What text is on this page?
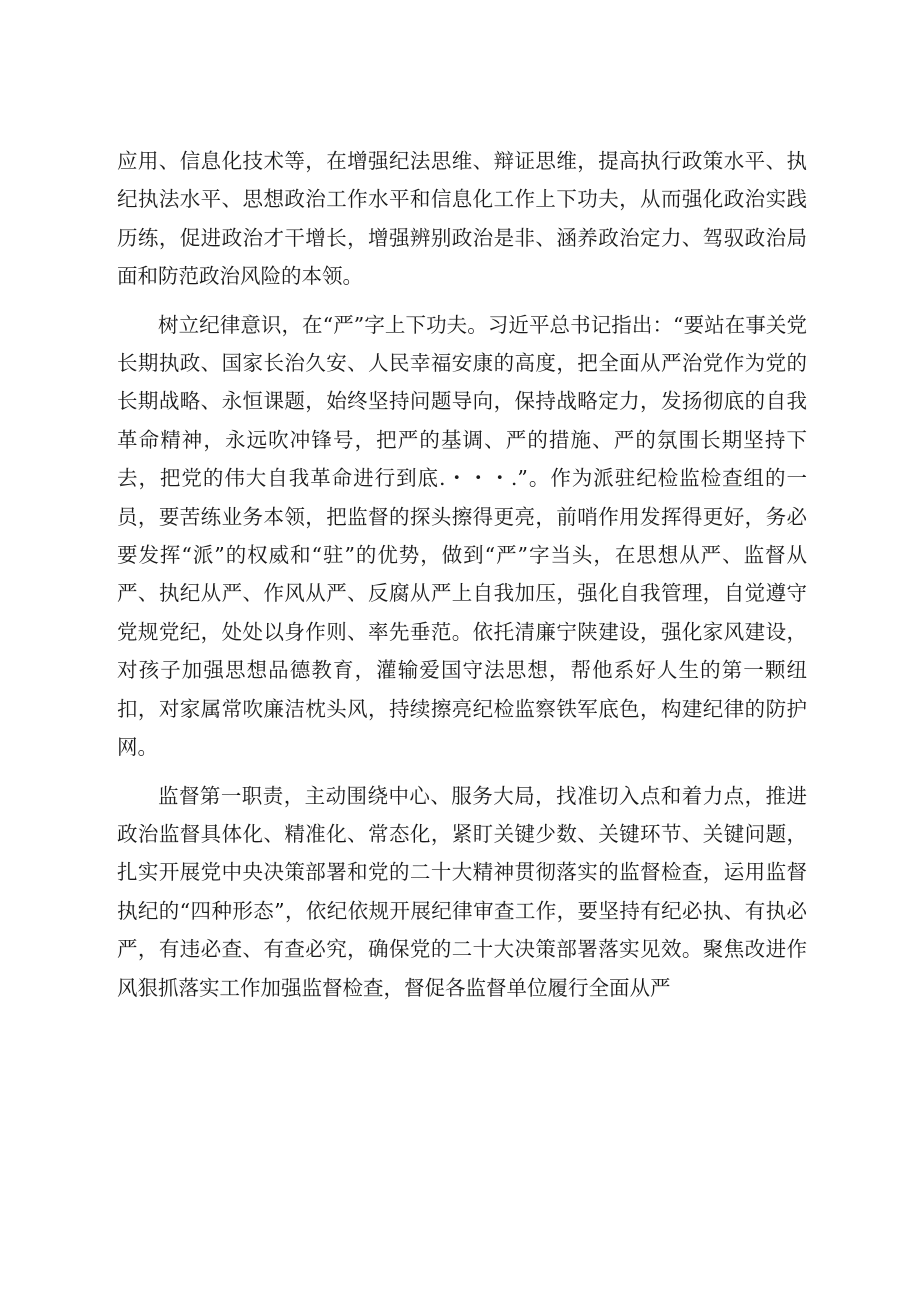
应用、信息化技术等，在增强纪法思维、辩证思维，提高执行政策水平、执纪执法水平、思想政治工作水平和信息化工作上下功夫，从而强化政治实践历练，促进政治才干增长，增强辨别政治是非、涵养政治定力、驾驭政治局面和防范政治风险的本领。

树立纪律意识，在“严”字上下功夫。习近平总书记指出：“要站在事关党长期执政、国家长治久安、人民幸福安康的高度，把全面从严治党作为党的长期战略、永恒课题，始终坚持问题导向，保持战略定力，发扬彻底的自我革命精神，永远吹冲锋号，把严的基调、严的措施、严的氛围长期坚持下去，把党的伟大自我革命进行到底.・・・.”。作为派驻纪检监检查组的一员，要苦练业务本领，把监督的探头擦得更亮，前哨作用发挥得更好，务必要发挥“派”的权威和“驻”的优势，做到“严”字当头，在思想从严、监督从严、执纪从严、作风从严、反腐从严上自我加压，强化自我管理，自觉遵守党规党纪，处处以身作则、率先垂范。依托清廉宁陕建设，强化家风建设，对孩子加强思想品德教育，灌输爱国守法思想，帮他系好人生的第一颗纽扣，对家属常吹廉洁枕头风，持续擦亮纪检监察铁军底色，构建纪律的防护网。

监督第一职责，主动围绕中心、服务大局，找准切入点和着力点，推进政治监督具体化、精准化、常态化，紧盯关键少数、关键环节、关键问题，扎实开展党中央决策部署和党的二十大精神贯彻落实的监督检查，运用监督执纪的“四种形态”，依纪依规开展纪律审查工作，要坚持有纪必执、有执必严，有违必查、有查必究，确保党的二十大决策部署落实见效。聚焦改进作风狠抓落实工作加强监督检查，督促各监督单位履行全面从严
